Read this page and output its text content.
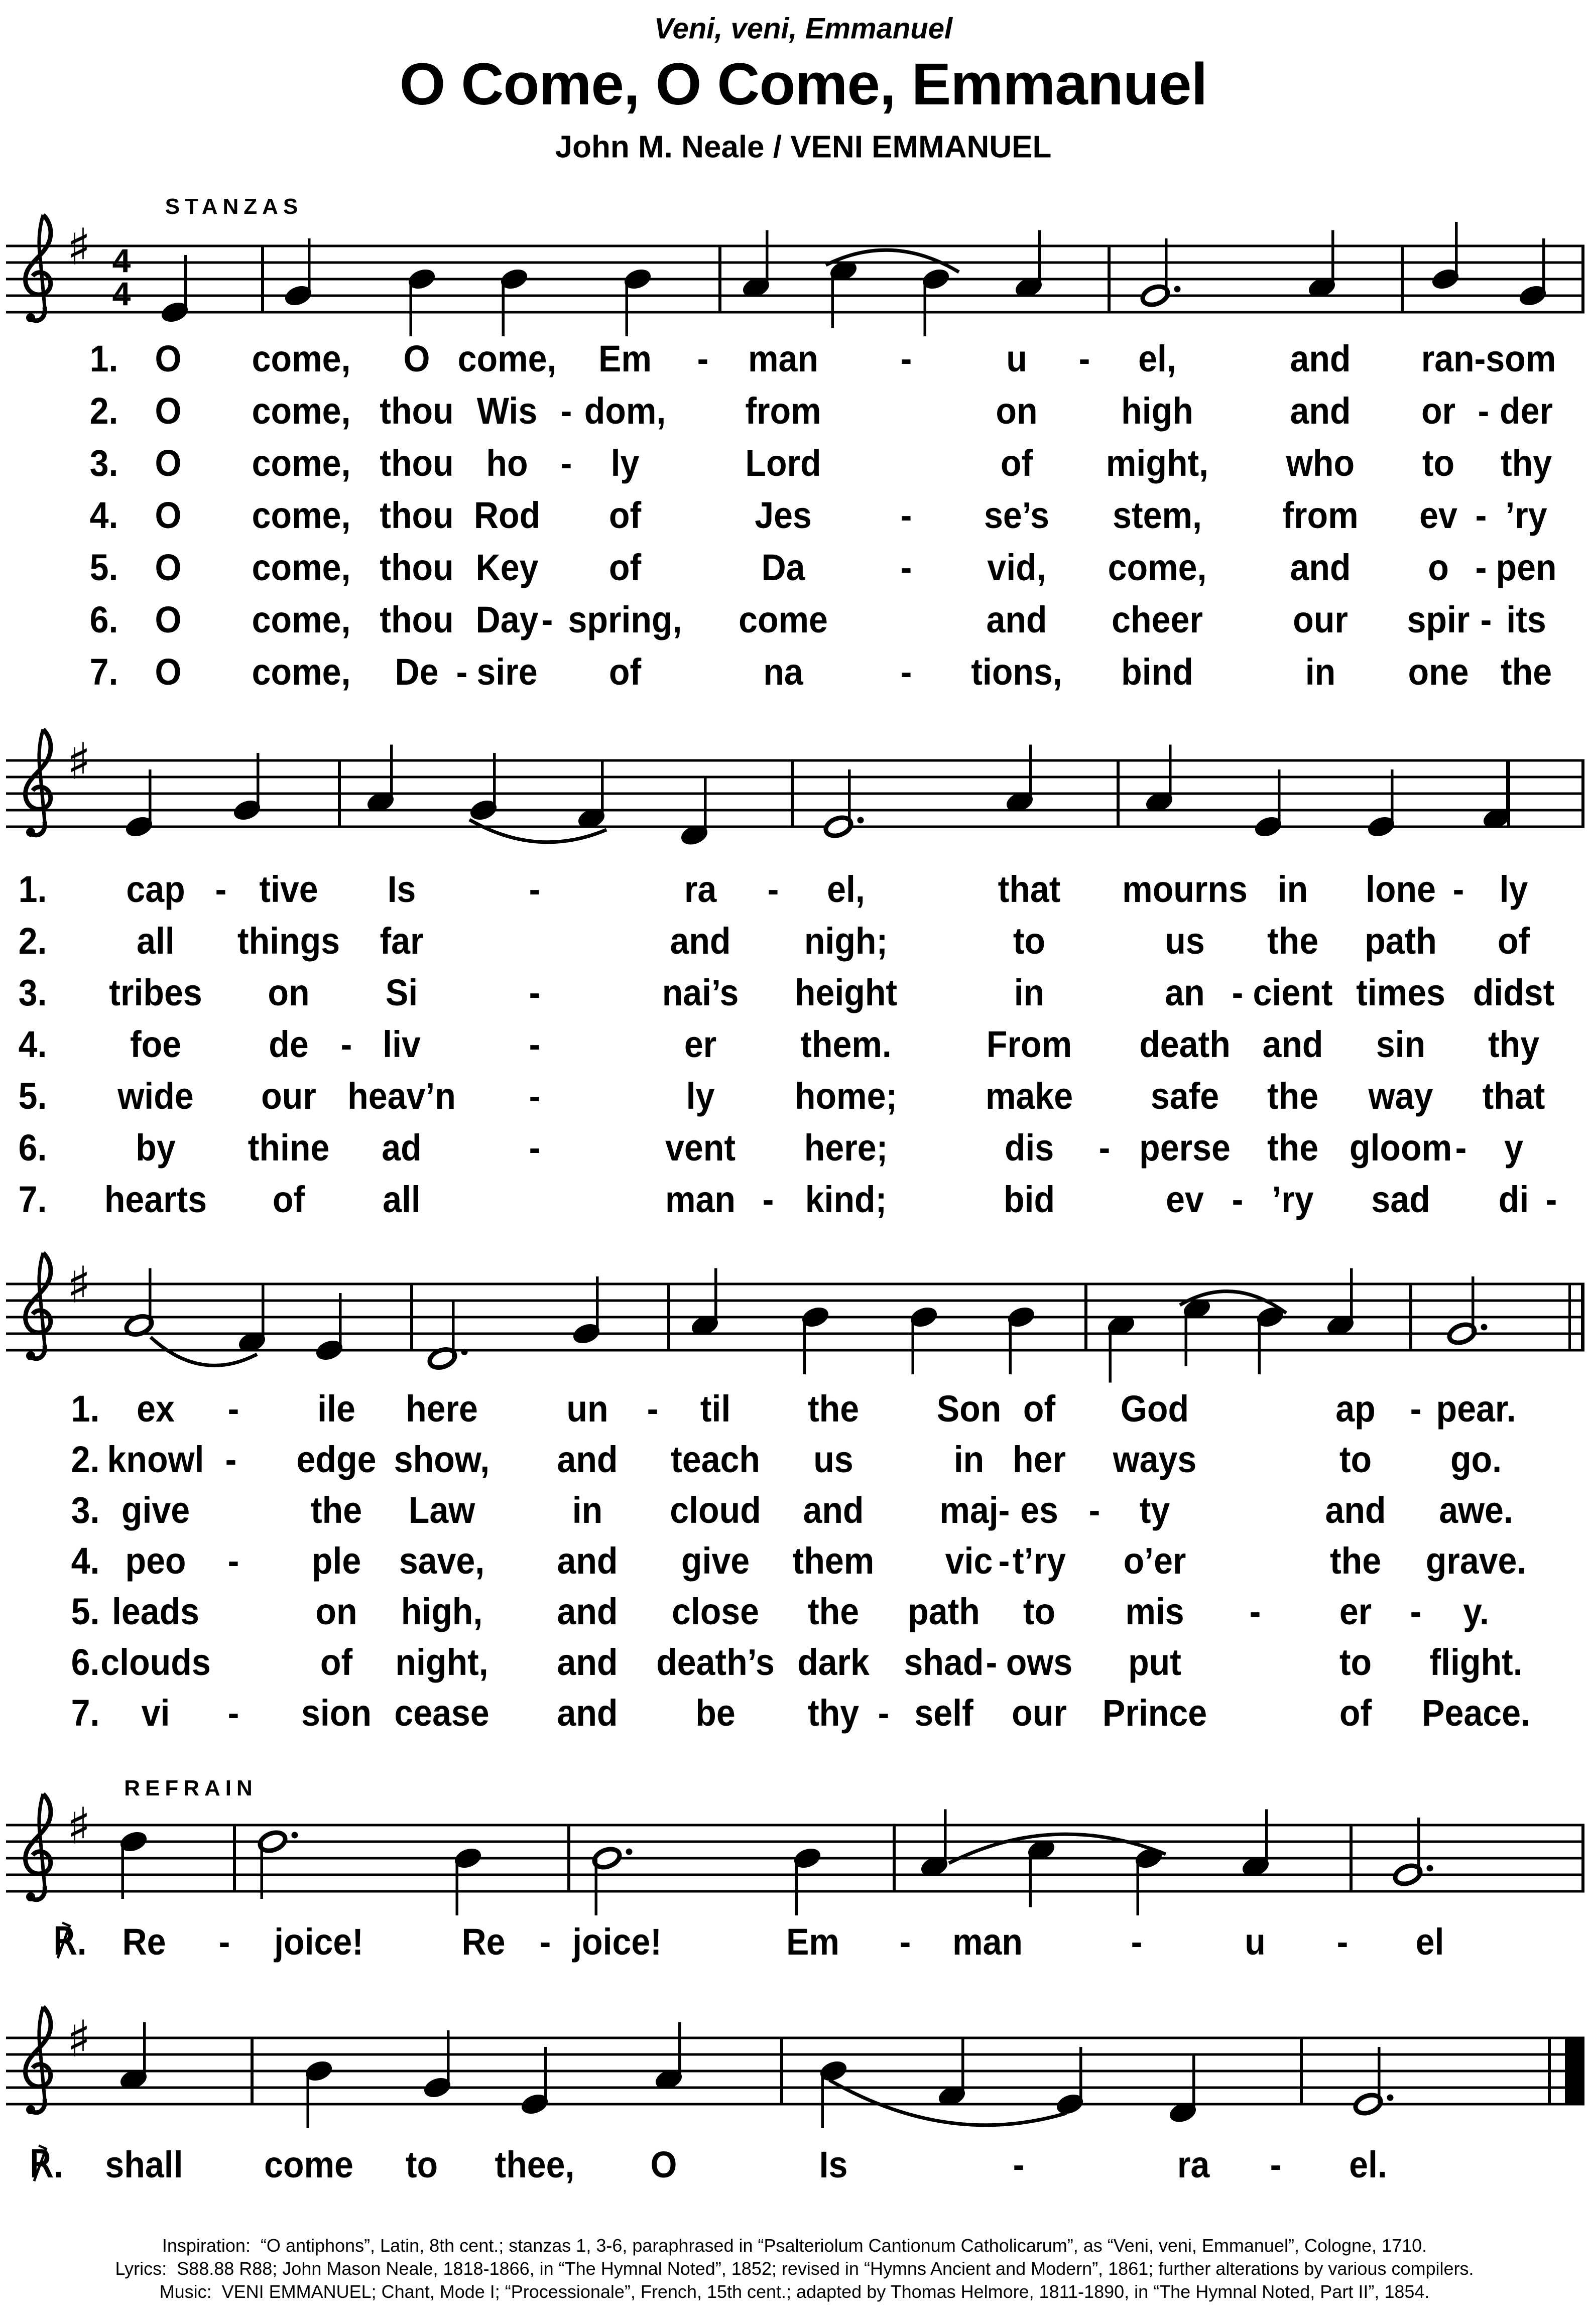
Veni, veni, Emmanuel
O Come, O Come, Emmanuel
John M. Neale / VENI EMMANUEL
STANZAS
REFRAIN
♯ 4
4
♯
♯
♯
♯
1. O come, O come, Em - man -	u - el,	and ran-som
2. O come, thou Wis - dom, from	on high	and or - der
3. O come, thou ho - ly	Lord	of might, who to thy
4. O come, thou Rod of	Jes - se’s stem, from ev - ’ry
5. O come, thou Key of	Da	- vid, come, and o - pen
6. O come, thou Day - spring, come	and cheer our spir - its
7. O come, De - sire of	na	- tions, bind	in one the
1. cap - tive Is	-	ra - el,	that mourns in lone - ly
2. all things far	and nigh;	to	us the path of
3. tribes on Si	-	nai’s height	in	an - cient times didst
4. foe de - liv	-	er them.	From death and sin thy
5. wide our heav’n -	ly home; make safe the way that
6. by thine ad	-	vent here;	dis - perse the gloom - y
7. hearts of all	man - kind;	bid	ev - ’ry sad di -
1. ex - ile here un - til the Son of God	ap - pear.
2. knowl - edge show, and teach us	in her ways	to go.
3. give	the Law	in cloud and maj - es - ty	and awe.
4. peo - ple save, and give them vic - t’ry o’er	the grave.
5. leads	on high, and close the path to mis - er - y.
6. clouds	of night, and death’s dark shad - ows put	to flight.
7. vi - sion cease and be thy - self our Prince	of Peace.
℟. Re - joice!	Re - joice!	Em - man	-	u - el
℟. shall come to thee, O	Is	-	ra - el.
Inspiration:  “O antiphons”, Latin, 8th cent.; stanzas 1, 3-6, paraphrased in “Psalteriolum Cantionum Catholicarum”, as “Veni, veni, Emmanuel”, Cologne, 1710.
Lyrics:  S88.88 R88; John Mason Neale, 1818-1866, in “The Hymnal Noted”, 1852; revised in “Hymns Ancient and Modern”, 1861; further alterations by various compilers.
Music:  VENI EMMANUEL; Chant, Mode I; “Processionale”, French, 15th cent.; adapted by Thomas Helmore, 1811-1890, in “The Hymnal Noted, Part II”, 1854.
